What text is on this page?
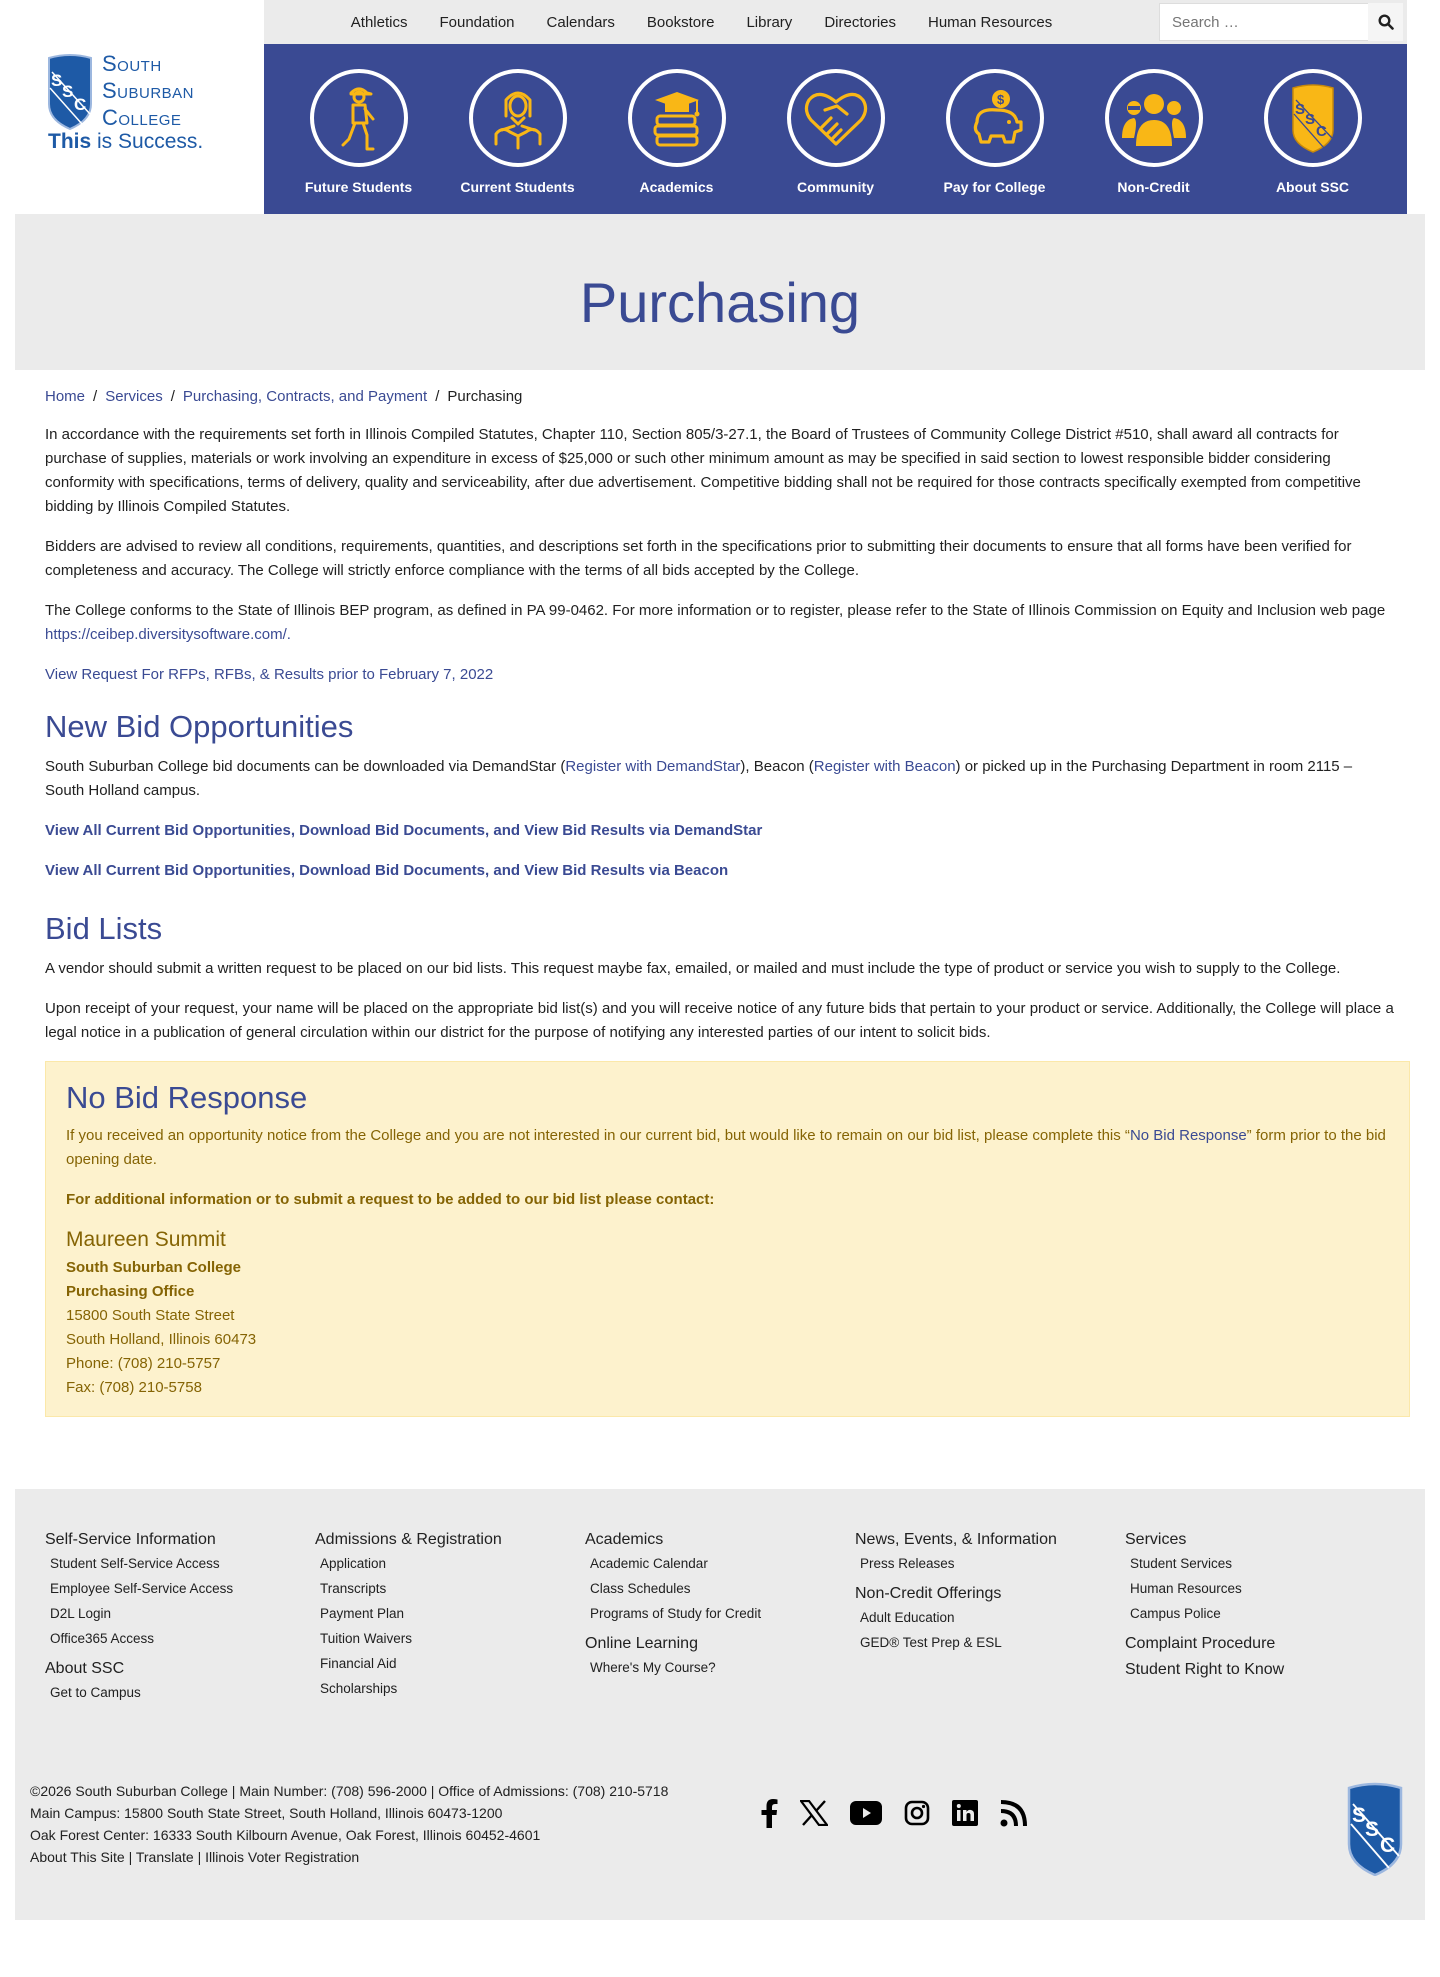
S
S
C
South
Suburban
College
This is Success.
Athletics Foundation Calendars Bookstore Library Directories Human Resources
Search …
Future Students	Current Students	Academics	Community
$
Pay for College	Non-Credit
S
S
C
About SSC
Purchasing
Home / Services / Purchasing, Contracts, and Payment / Purchasing

In accordance with the requirements set forth in Illinois Compiled Statutes, Chapter 110, Section 805/3-27.1, the Board of Trustees of Community College District #510, shall award all contracts for purchase of supplies, materials or work involving an expenditure in excess of $25,000 or such other minimum amount as may be specified in said section to lowest responsible bidder considering conformity with specifications, terms of delivery, quality and serviceability, after due advertisement. Competitive bidding shall not be required for those contracts specifically exempted from competitive bidding by Illinois Compiled Statutes.

Bidders are advised to review all conditions, requirements, quantities, and descriptions set forth in the specifications prior to submitting their documents to ensure that all forms have been verified for completeness and accuracy. The College will strictly enforce compliance with the terms of all bids accepted by the College.

The College conforms to the State of Illinois BEP program, as defined in PA 99-0462. For more information or to register, please refer to the State of Illinois Commission on Equity and Inclusion web page https://ceibep.diversitysoftware.com/.

View Request For RFPs, RFBs, & Results prior to February 7, 2022

New Bid Opportunities

South Suburban College bid documents can be downloaded via DemandStar (Register with DemandStar), Beacon (Register with Beacon) or picked up in the Purchasing Department in room 2115 – South Holland campus.

View All Current Bid Opportunities, Download Bid Documents, and View Bid Results via DemandStar

View All Current Bid Opportunities, Download Bid Documents, and View Bid Results via Beacon

Bid Lists

A vendor should submit a written request to be placed on our bid lists. This request maybe fax, emailed, or mailed and must include the type of product or service you wish to supply to the College.

Upon receipt of your request, your name will be placed on the appropriate bid list(s) and you will receive notice of any future bids that pertain to your product or service. Additionally, the College will place a legal notice in a publication of general circulation within our district for the purpose of notifying any interested parties of our intent to solicit bids.

No Bid Response

If you received an opportunity notice from the College and you are not interested in our current bid, but would like to remain on our bid list, please complete this “No Bid Response” form prior to the bid opening date.

For additional information or to submit a request to be added to our bid list please contact:

Maureen Summit
South Suburban College
Purchasing Office
15800 South State Street
South Holland, Illinois 60473
Phone: (708) 210-5757
Fax: (708) 210-5758
Self-Service Information
Student Self-Service Access
Employee Self-Service Access
D2L Login
Office365 Access
About SSC
Get to Campus
Admissions & Registration
Application
Transcripts
Payment Plan
Tuition Waivers
Financial Aid
Scholarships
Academics
Academic Calendar
Class Schedules
Programs of Study for Credit
Online Learning
Where's My Course?
News, Events, & Information
Press Releases
Non-Credit Offerings
Adult Education
GED® Test Prep & ESL
Services
Student Services
Human Resources
Campus Police
Complaint Procedure
Student Right to Know
©2026 South Suburban College | Main Number: (708) 596-2000 | Office of Admissions: (708) 210-5718
Main Campus: 15800 South State Street, South Holland, Illinois 60473-1200
Oak Forest Center: 16333 South Kilbourn Avenue, Oak Forest, Illinois 60452-4601
About This Site | Translate | Illinois Voter Registration
S
S
C
